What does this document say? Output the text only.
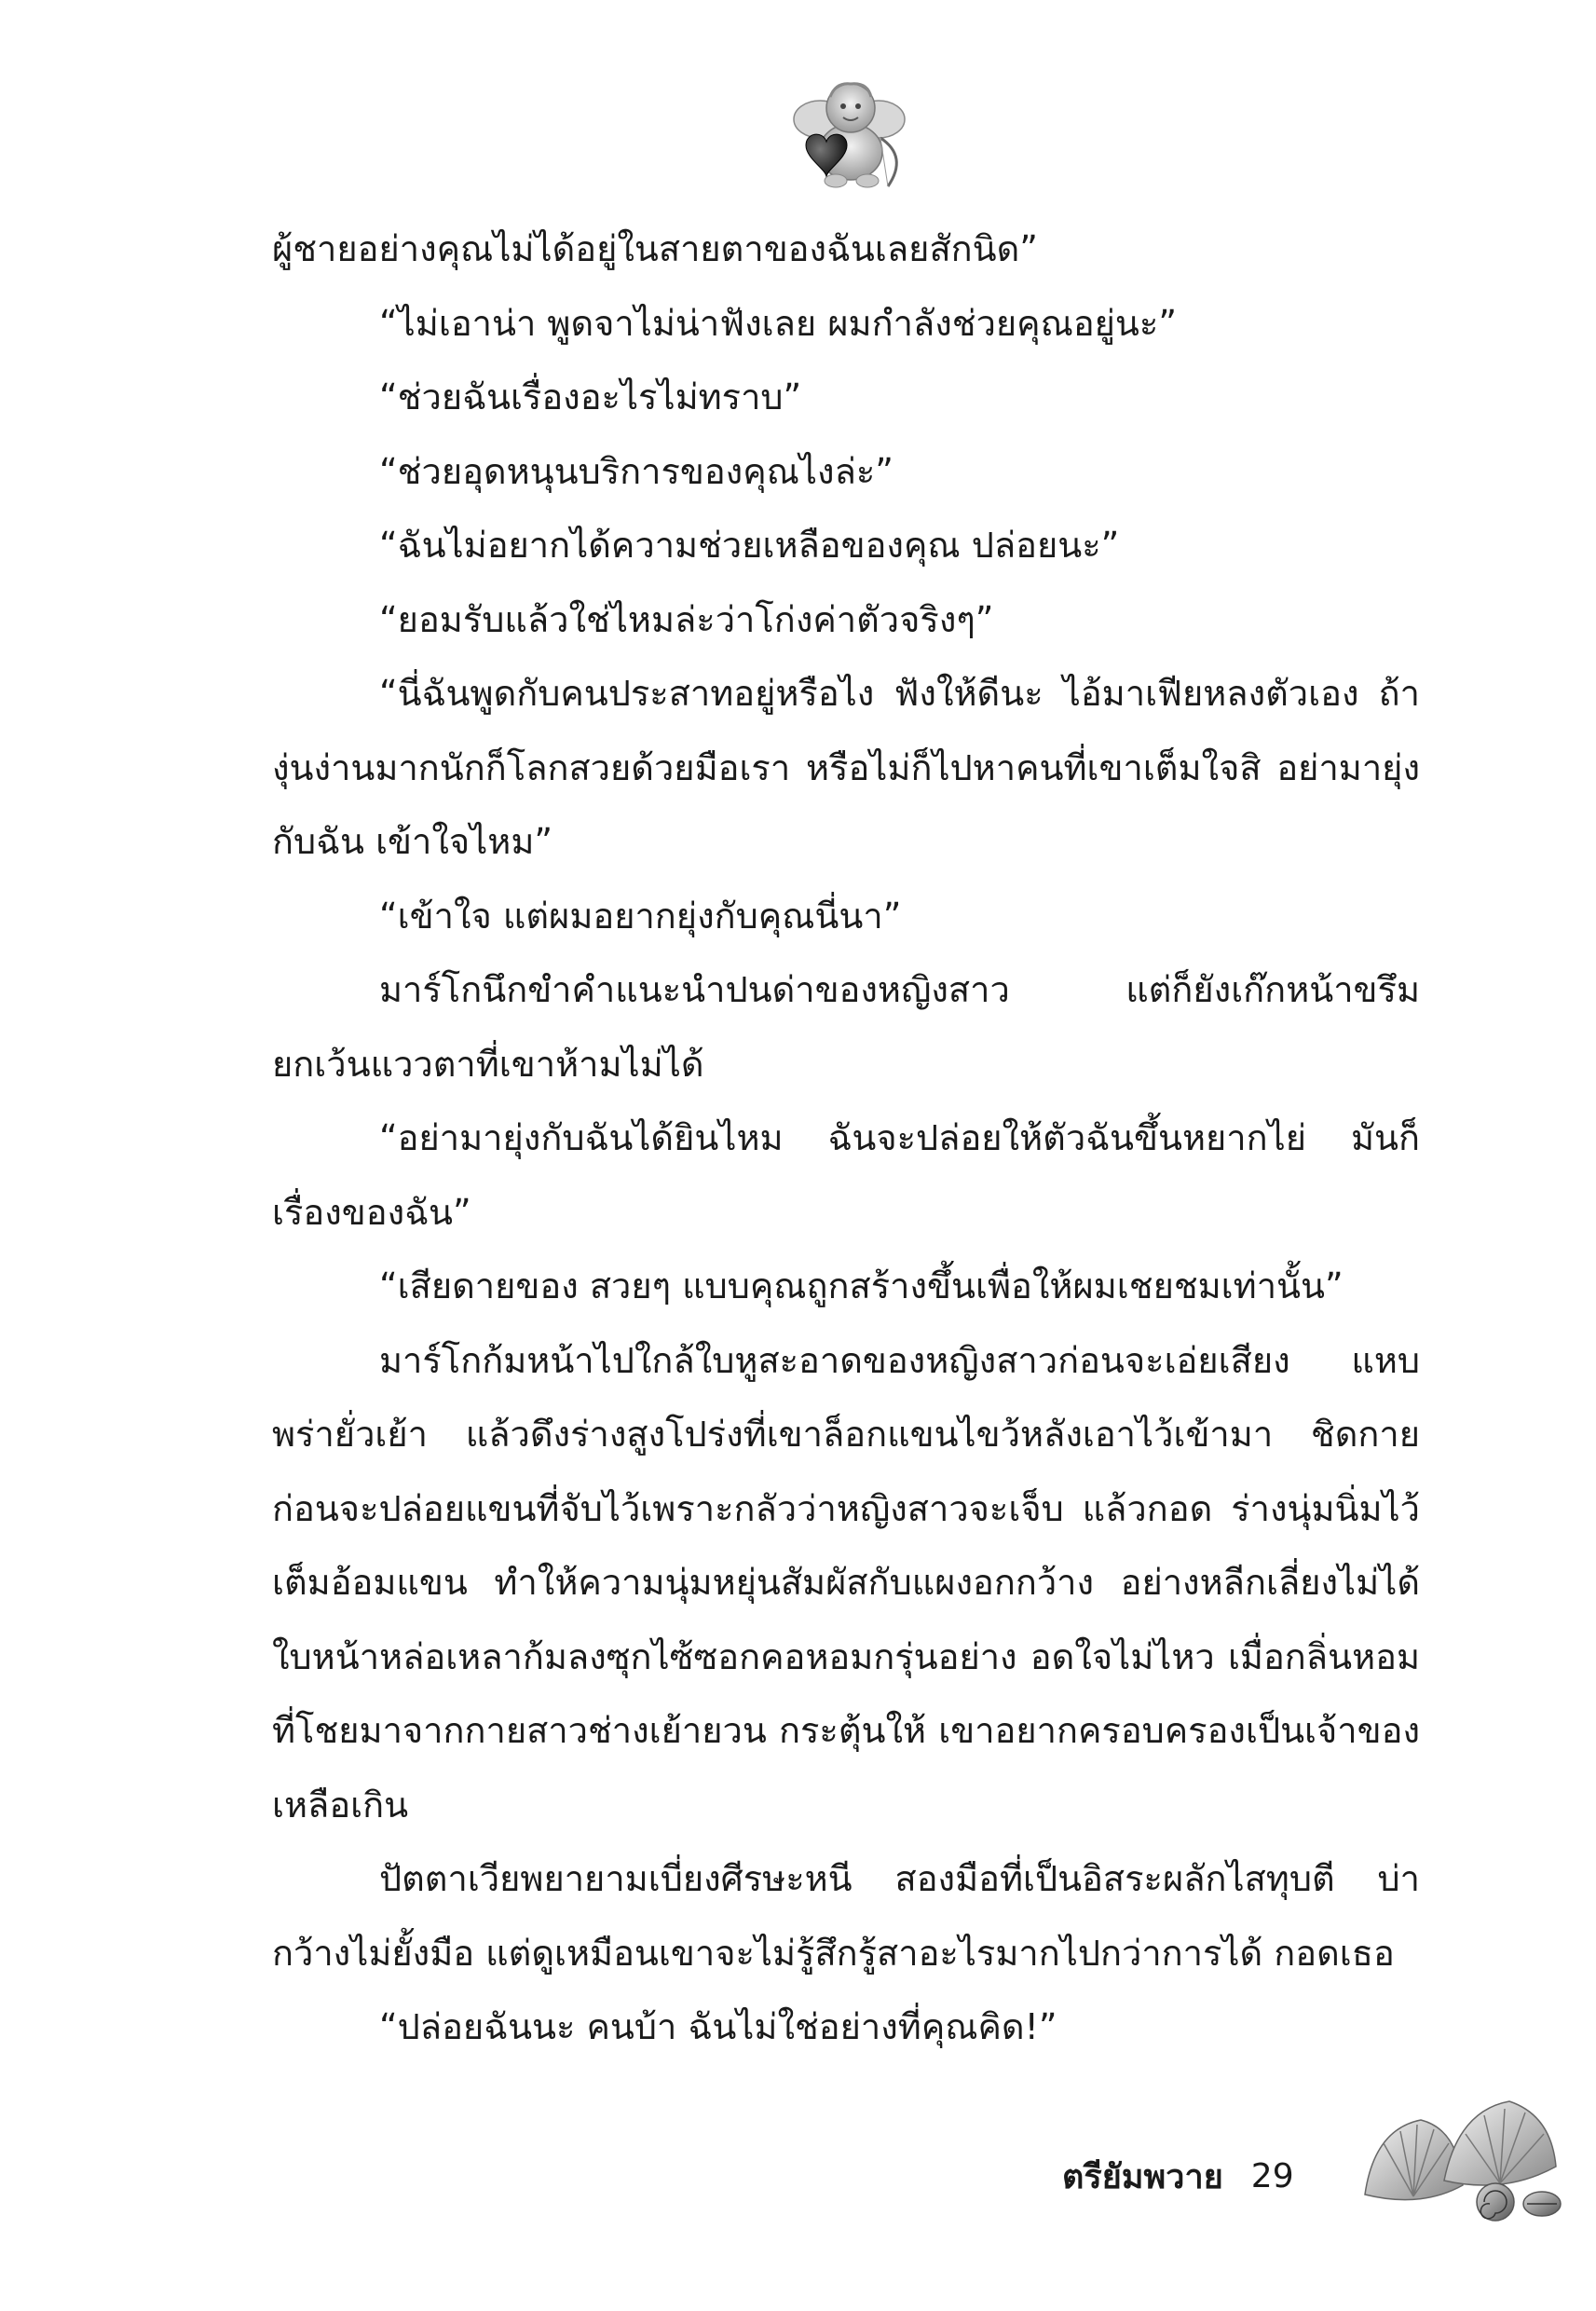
ผู้ชายอย่างคุณไม่ได้อยู่ในสายตาของฉันเลยสักนิด”

“ไม่เอาน่า พูดจาไม่น่าฟังเลย ผมกำลังช่วยคุณอยู่นะ”

“ช่วยฉันเรื่องอะไรไม่ทราบ”

“ช่วยอุดหนุนบริการของคุณไงล่ะ”

“ฉันไม่อยากได้ความช่วยเหลือของคุณ ปล่อยนะ”

“ยอมรับแล้วใช่ไหมล่ะว่าโก่งค่าตัวจริงๆ”

“นี่ฉันพูดกับคนประสาทอยู่หรือไง ฟังให้ดีนะ ไอ้มาเฟียหลงตัวเอง ถ้างุ่นง่านมากนักก็โลกสวยด้วยมือเรา หรือไม่ก็ไปหาคนที่เขาเต็มใจสิ อย่ามายุ่งกับฉัน เข้าใจไหม”

“เข้าใจ แต่ผมอยากยุ่งกับคุณนี่นา”

มาร์โกนึกขำคำแนะนำปนด่าของหญิงสาว แต่ก็ยังเก๊กหน้าขรึม ยกเว้นแววตาที่เขาห้ามไม่ได้

“อย่ามายุ่งกับฉันได้ยินไหม ฉันจะปล่อยให้ตัวฉันขึ้นหยากไย่ มันก็เรื่องของฉัน”

“เสียดายของ สวยๆ แบบคุณถูกสร้างขึ้นเพื่อให้ผมเชยชมเท่านั้น”

มาร์โกก้มหน้าไปใกล้ใบหูสะอาดของหญิงสาวก่อนจะเอ่ยเสียง แหบพร่ายั่วเย้า แล้วดึงร่างสูงโปร่งที่เขาล็อกแขนไขว้หลังเอาไว้เข้ามา ชิดกาย ก่อนจะปล่อยแขนที่จับไว้เพราะกลัวว่าหญิงสาวจะเจ็บ แล้วกอด ร่างนุ่มนิ่มไว้เต็มอ้อมแขน ทำให้ความนุ่มหยุ่นสัมผัสกับแผงอกกว้าง อย่างหลีกเลี่ยงไม่ได้ ใบหน้าหล่อเหลาก้มลงซุกไซ้ซอกคอหอมกรุ่นอย่าง อดใจไม่ไหว เมื่อกลิ่นหอมที่โชยมาจากกายสาวช่างเย้ายวน กระตุ้นให้ เขาอยากครอบครองเป็นเจ้าของเหลือเกิน

ปัตตาเวียพยายามเบี่ยงศีรษะหนี สองมือที่เป็นอิสระผลักไสทุบตี บ่ากว้างไม่ยั้งมือ แต่ดูเหมือนเขาจะไม่รู้สึกรู้สาอะไรมากไปกว่าการได้ กอดเธอ

“ปล่อยฉันนะ คนบ้า ฉันไม่ใช่อย่างที่คุณคิด!”

ตรียัมพวาย 29
